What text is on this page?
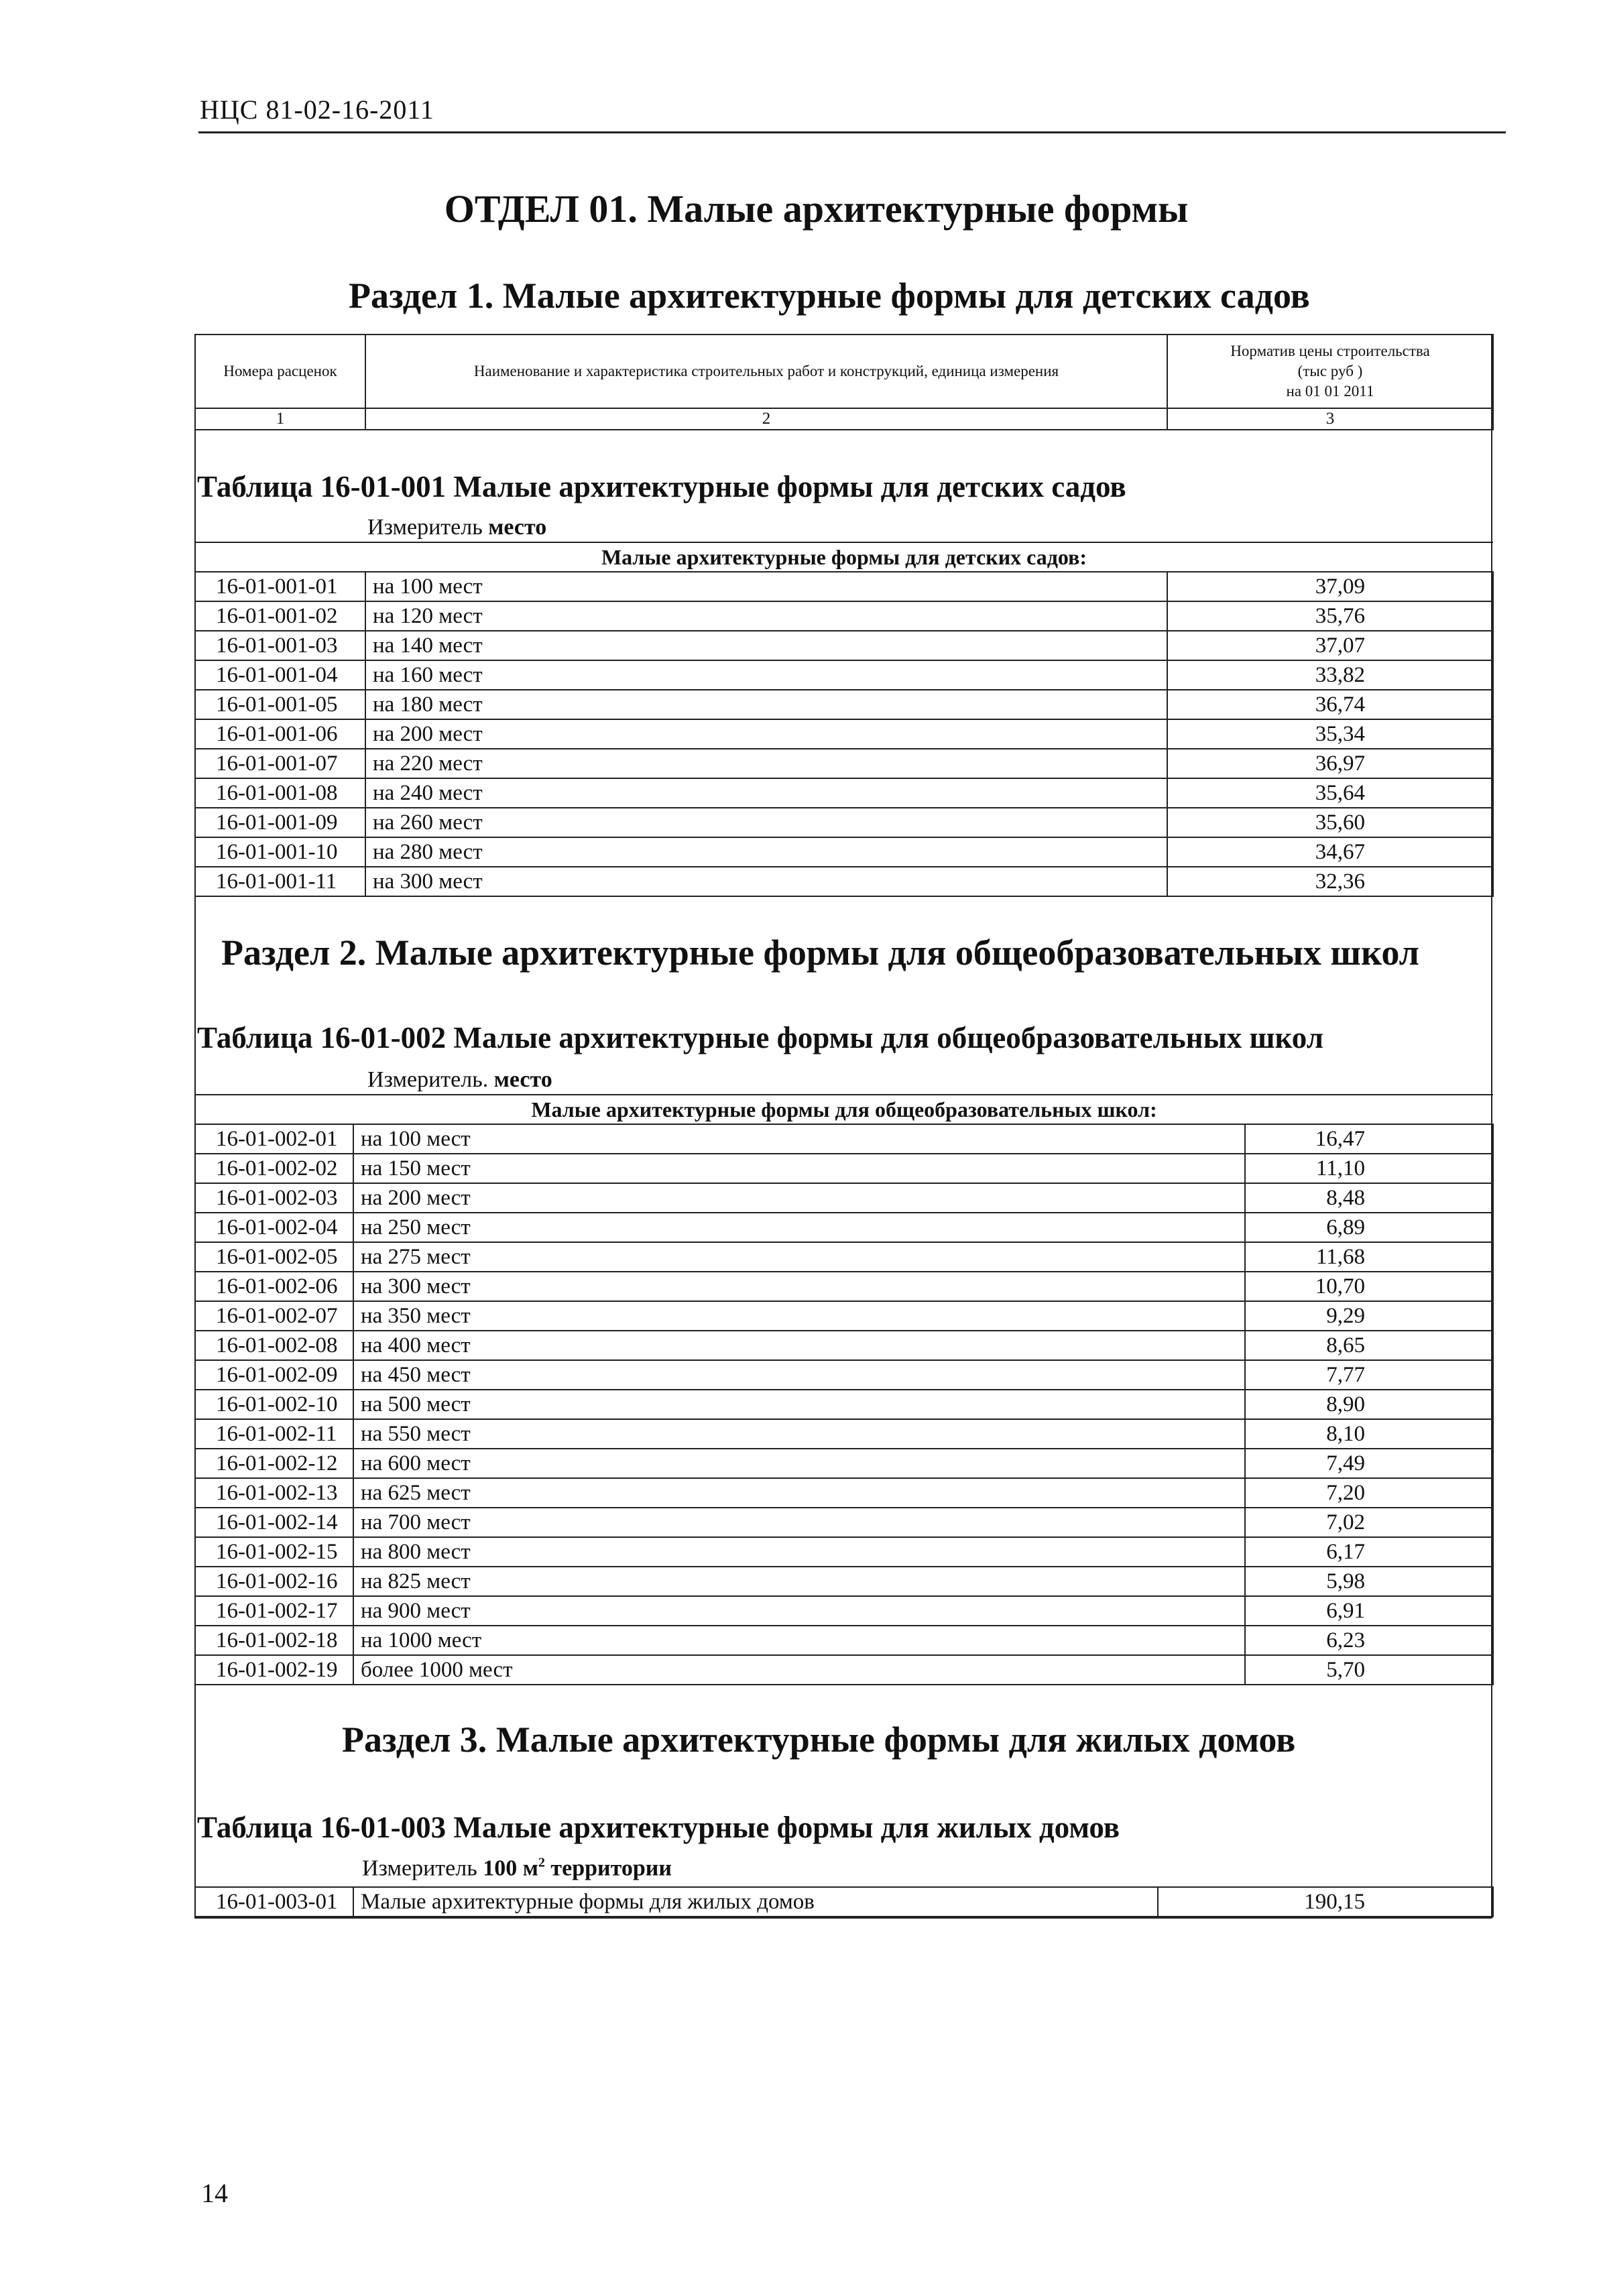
НЦС 81-02-16-2011
ОТДЕЛ 01. Малые архитектурные формы
Раздел 1. Малые архитектурные формы для детских садов
Номера расценок	Наименование и характеристика строительных работ и конструкций, единица измерения	Норматив цены строительства
(тыс руб )
на 01 01 2011

1	2	3
Таблица 16-01-001 Малые архитектурные формы для детских садов
Измеритель место
Малые архитектурные формы для детских садов:		
16-01-001-01	на 100 мест	37,09
16-01-001-02	на 120 мест	35,76
16-01-001-03	на 140 мест	37,07
16-01-001-04	на 160 мест	33,82
16-01-001-05	на 180 мест	36,74
16-01-001-06	на 200 мест	35,34
16-01-001-07	на 220 мест	36,97
16-01-001-08	на 240 мест	35,64
16-01-001-09	на 260 мест	35,60
16-01-001-10	на 280 мест	34,67
16-01-001-11	на 300 мест	32,36
Раздел 2. Малые архитектурные формы для общеобразовательных школ
Таблица 16-01-002 Малые архитектурные формы для общеобразовательных школ
Измеритель. место
Малые архитектурные формы для общеобразовательных школ:		
16-01-002-01	на 100 мест	16,47
16-01-002-02	на 150 мест	11,10
16-01-002-03	на 200 мест	8,48
16-01-002-04	на 250 мест	6,89
16-01-002-05	на 275 мест	11,68
16-01-002-06	на 300 мест	10,70
16-01-002-07	на 350 мест	9,29
16-01-002-08	на 400 мест	8,65
16-01-002-09	на 450 мест	7,77
16-01-002-10	на 500 мест	8,90
16-01-002-11	на 550 мест	8,10
16-01-002-12	на 600 мест	7,49
16-01-002-13	на 625 мест	7,20
16-01-002-14	на 700 мест	7,02
16-01-002-15	на 800 мест	6,17
16-01-002-16	на 825 мест	5,98
16-01-002-17	на 900 мест	6,91
16-01-002-18	на 1000 мест	6,23
16-01-002-19	более 1000 мест	5,70
Раздел 3. Малые архитектурные формы для жилых домов
Таблица 16-01-003 Малые архитектурные формы для жилых домов
Измеритель 100 $м^2$ территории
16-01-003-01	Малые архитектурные формы для жилых домов	190,15
14
